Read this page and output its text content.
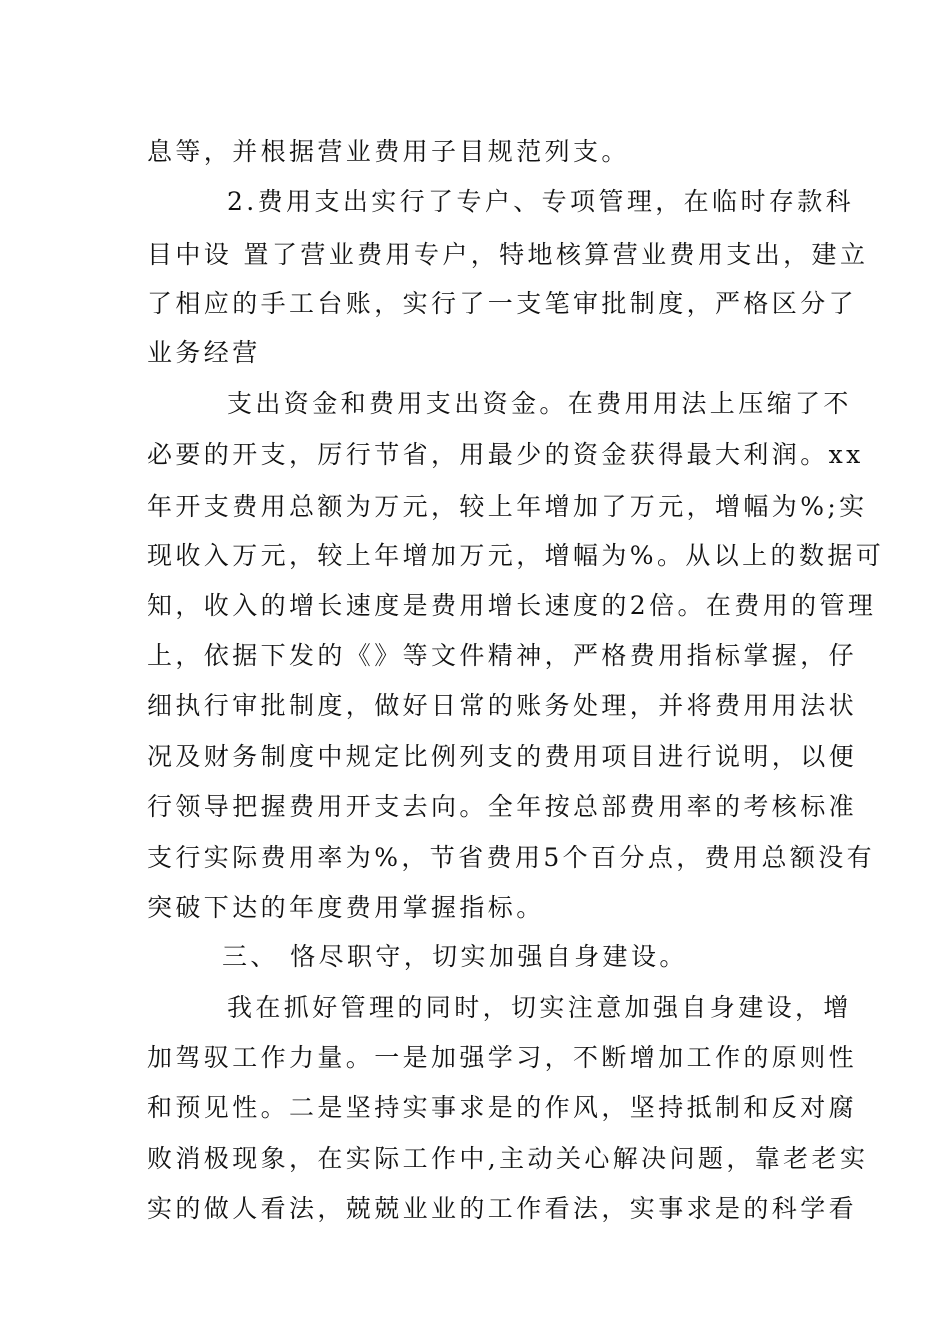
息等，并根据营业费用子目规范列支。
2.费用支出实行了专户、专项管理，在临时存款科
目中设 置了营业费用专户，特地核算营业费用支出，建立
了相应的手工台账，实行了一支笔审批制度，严格区分了
业务经营
支出资金和费用支出资金。在费用用法上压缩了不
必要的开支，厉行节省，用最少的资金获得最大利润。xx
年开支费用总额为万元，较上年增加了万元，增幅为%;实
现收入万元，较上年增加万元，增幅为%。从以上的数据可
知，收入的增长速度是费用增长速度的2倍。在费用的管理
上，依据下发的《》等文件精神，严格费用指标掌握，仔
细执行审批制度，做好日常的账务处理，并将费用用法状
况及财务制度中规定比例列支的费用项目进行说明，以便
行领导把握费用开支去向。全年按总部费用率的考核标准
支行实际费用率为%，节省费用5个百分点，费用总额没有
突破下达的年度费用掌握指标。
三、 恪尽职守，切实加强自身建设。
我在抓好管理的同时，切实注意加强自身建设，增
加驾驭工作力量。一是加强学习，不断增加工作的原则性
和预见性。二是坚持实事求是的作风，坚持抵制和反对腐
败消极现象，在实际工作中,主动关心解决问题，靠老老实
实的做人看法，兢兢业业的工作看法，实事求是的科学看
